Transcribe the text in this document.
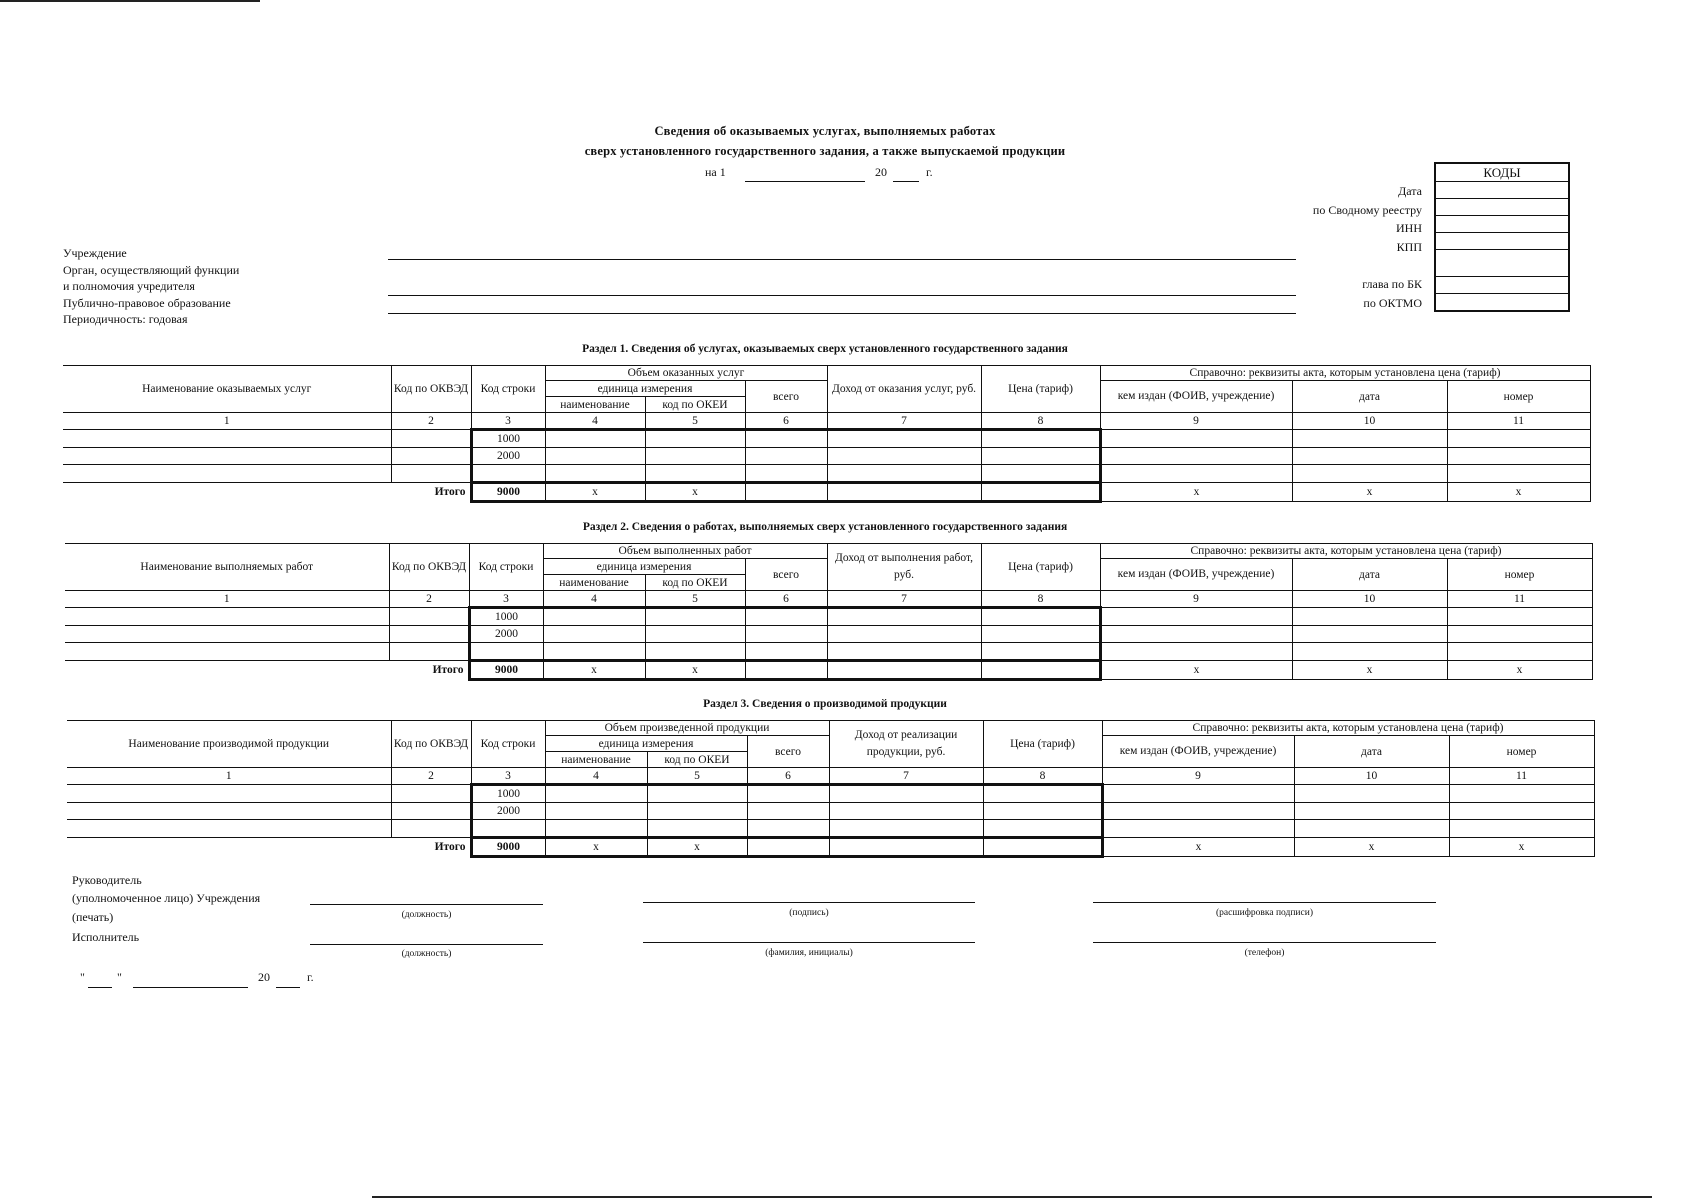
Сведения об оказываемых услугах, выполняемых работах
сверх установленного государственного задания, а также выпускаемой продукции
на 1	20	г.
Дата
по Сводному реестру
ИНН
КПП
глава по БК
по ОКТМО
КОДЫ

Учреждение
Орган, осуществляющий функции
и полномочия учредителя
Публично-правовое образование
Периодичность: годовая
Раздел 1. Сведения об услугах, оказываемых сверх установленного государственного задания
Наименование оказываемых услуг	Код по ОКВЭД	Код строки	Объем оказанных услуг			Доход от оказания услуг, руб.	Цена (тариф)	Справочно: реквизиты акта, которым установлена цена (тариф)		
			единица измерения		всего			кем издан (ФОИВ, учреждение)	дата	номер
			наименование	код по ОКЕИ						
1	2	3	4	5	6	7	8	9	10	11
		1000								
		2000								

Итого		9000	x	x				x	x	x
Раздел 2. Сведения о работах, выполняемых сверх установленного государственного задания
Наименование выполняемых работ	Код по ОКВЭД	Код строки	Объем выполненных работ			Доход от выполнения работ, руб.	Цена (тариф)	Справочно: реквизиты акта, которым установлена цена (тариф)		
			единица измерения		всего			кем издан (ФОИВ, учреждение)	дата	номер
			наименование	код по ОКЕИ						
1	2	3	4	5	6	7	8	9	10	11
		1000								
		2000								

Итого		9000	x	x				x	x	x
Раздел 3. Сведения о производимой продукции
Наименование производимой продукции	Код по ОКВЭД	Код строки	Объем произведенной продукции			Доход от реализации продукции, руб.	Цена (тариф)	Справочно: реквизиты акта, которым установлена цена (тариф)		
			единица измерения		всего			кем издан (ФОИВ, учреждение)	дата	номер
			наименование	код по ОКЕИ						
1	2	3	4	5	6	7	8	9	10	11
		1000								
		2000								

Итого		9000	x	x				x	x	x
Руководитель
(уполномоченное лицо) Учреждения
(печать)
Исполнитель
(должность)	(подпись)	(расшифровка подписи)
(должность)	(фамилия, инициалы)	(телефон)
"	"	20	г.
